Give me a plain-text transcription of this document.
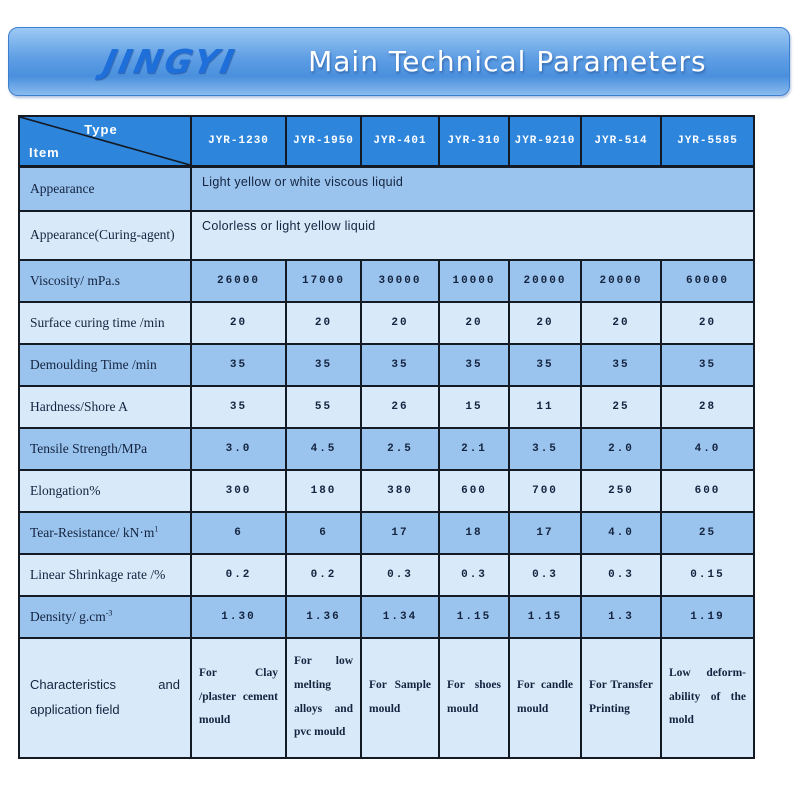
JINGYI Main Technical Parameters
Type
Item	JYR-1230	JYR-1950	JYR-401	JYR-310	JYR-9210	JYR-514	JYR-5585
Appearance	Light yellow or white viscous liquid						
Appearance(Curing-agent)	Colorless or light yellow liquid						
Viscosity/ mPa.s	26000	17000	30000	10000	20000	20000	60000
Surface curing time /min	20	20	20	20	20	20	20
Demoulding Time /min	35	35	35	35	35	35	35
Hardness/Shore A	35	55	26	15	11	25	28
Tensile Strength/MPa	3.0	4.5	2.5	2.1	3.5	2.0	4.0
Elongation%	300	180	380	600	700	250	600
Tear-Resistance/ $kN\cdot m^1$	6	6	17	18	17	4.0	25
Linear Shrinkage rate /%	0.2	0.2	0.3	0.3	0.3	0.3	0.15
Density/ $g.cm^{-3}$	1.30	1.36	1.34	1.15	1.15	1.3	1.19
Characteristics and application field	For Clay /plaster cement mould	For low melting alloys and pvc mould	For Sample mould	For shoes mould	For candle mould	For Transfer Printing	Low deform-ability of the mold
